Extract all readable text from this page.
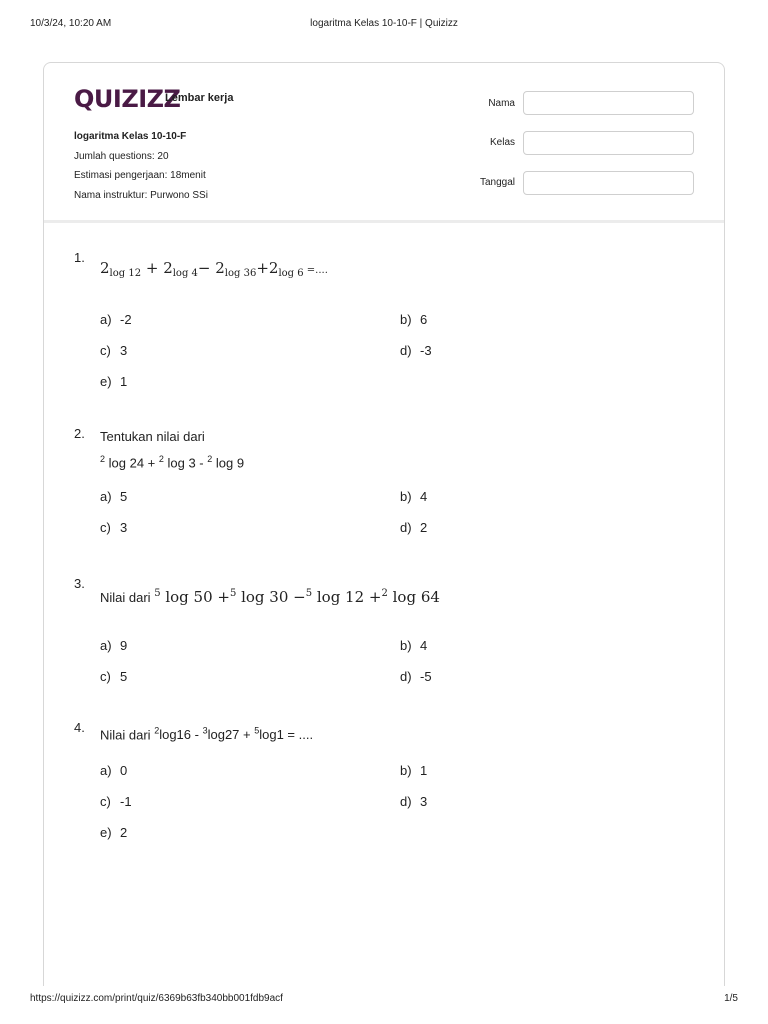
logaritma Kelas 10-10-F | Quizizz
10/3/24, 10:20 AM
QUIZIZZ
Lembar kerja
logaritma Kelas 10-10-F
Jumlah questions: 20
Estimasi pengerjaan: 18menit
Nama instruktur: Purwono SSi
Nama
Kelas
Tanggal
1.
$2_{log 12} + 2_{log 4}- 2_{log 36}+2_{log 6}$ =....
a) -2	b) 6
c) 3	d) -3
e) 1
2. Tentukan nilai dari
$^2$ log 24 + $^2$ log 3 - $^2$ log 9
a) 5	b) 4
c) 3	d) 2
3.
Nilai dari $^5$ log 50 +$^5$ log 30 −$^5$ log 12 +$^2$ log 64
a) 9	b) 4
c) 5	d) -5
4. Nilai dari $^2$log16 - $^3$log27 + $^5$log1 = ....
a) 0	b) 1
c) -1	d) 3
e) 2
https://quizizz.com/print/quiz/6369b63fb340bb001fdb9acf	1/5
